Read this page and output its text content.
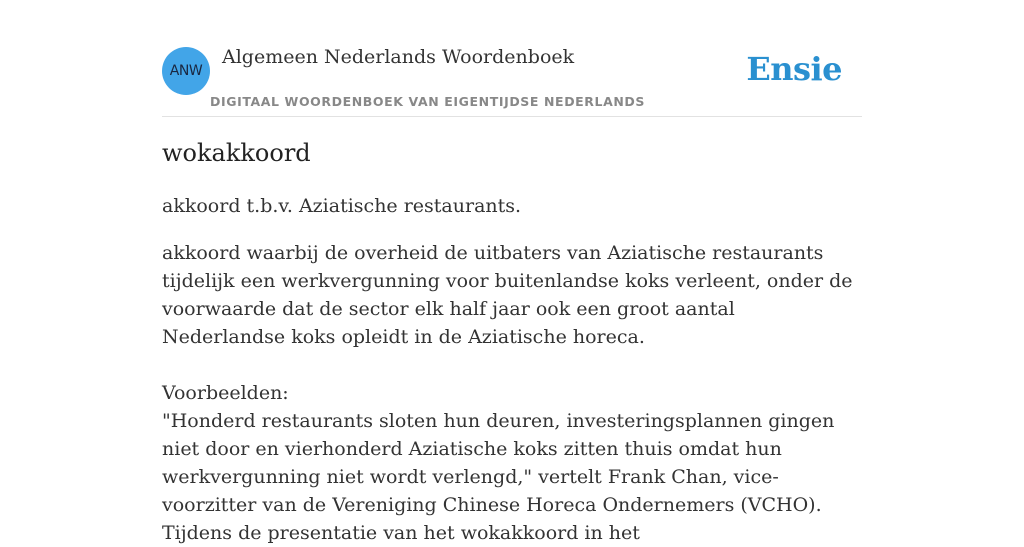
ANW
Algemeen Nederlands Woordenboek
DIGITAAL WOORDENBOEK VAN EIGENTIJDSE NEDERLANDS
Ensie
wokakkoord

akkoord t.b.v. Aziatische restaurants.

akkoord waarbij de overheid de uitbaters van Aziatische restaurants tijdelijk een werkvergunning voor buitenlandse koks verleent, onder de voorwaarde dat de sector elk half jaar ook een groot aantal Nederlandse koks opleidt in de Aziatische horeca.

Voorbeelden:
"Honderd restaurants sloten hun deuren, investeringsplannen gingen niet door en vierhonderd Aziatische koks zitten thuis omdat hun werkvergunning niet wordt verlengd," vertelt Frank Chan, vice-voorzitter van de Vereniging Chinese Horeca Ondernemers (VCHO). Tijdens de presentatie van het wokakkoord in het
